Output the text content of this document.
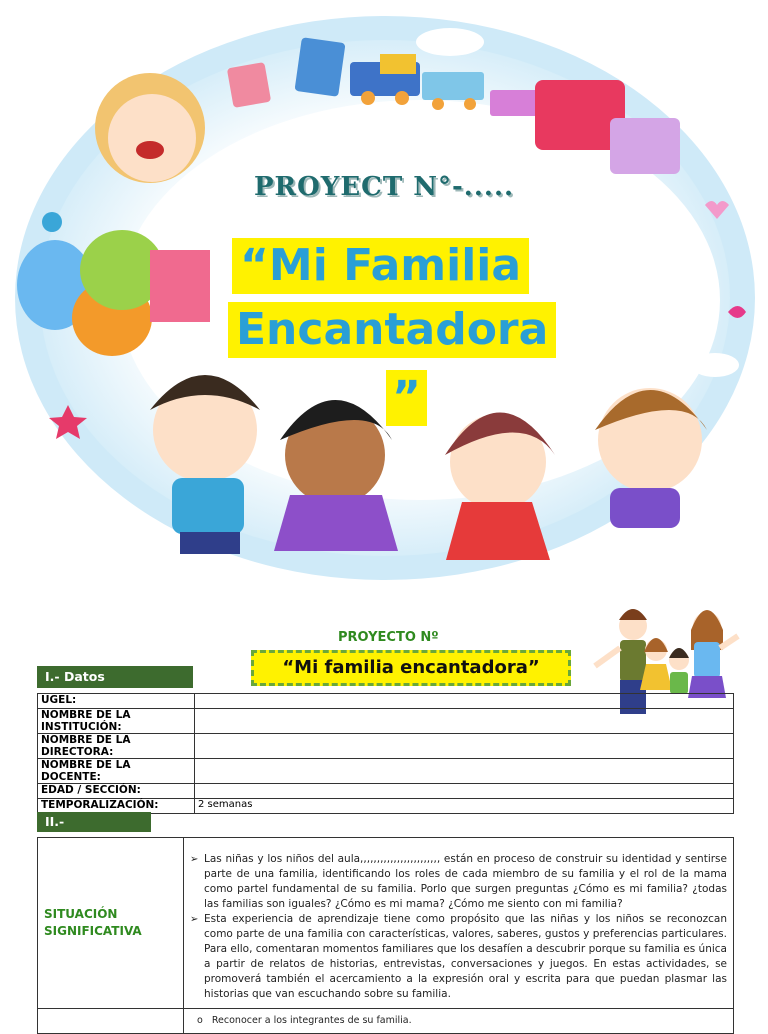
PROYECT N°-.....
“Mi Familia
Encantadora
”
PROYECTO Nº
“Mi familia encantadora”
I.- Datos
UGEL:	
NOMBRE DE LA INSTITUCIÓN:	
NOMBRE DE LA DIRECTORA:	
NOMBRE DE LA DOCENTE:	
EDAD / SECCIÓN:	
TEMPORALIZACIÓN:	2 semanas
II.-
SITUACIÓN SIGNIFICATIVA	➢ Las niñas y los niños del aula,,,,,,,,,,,,,,,,,,,,,,,, están en proceso de construir su identidad y sentirse parte de una familia, identificando los roles de cada miembro de su familia y el rol de la mama como partel fundamental de su familia. Porlo que surgen preguntas ¿Cómo es mi familia? ¿todas las familias son iguales? ¿Cómo es mi mama? ¿Cómo me siento con mi familia?
➢ Esta experiencia de aprendizaje tiene como propósito que las niñas y los niños se reconozcan como parte de una familia con características, valores, saberes, gustos y preferencias particulares. Para ello, comentaran momentos familiares que los desafíen a descubrir porque su familia es única a partir de relatos de historias, entrevistas, conversaciones y juegos. En estas actividades, se promoverá también el acercamiento a la expresión oral y escrita para que puedan plasmar las historias que van escuchando sobre su familia.

	o Reconocer a los integrantes de su familia.
